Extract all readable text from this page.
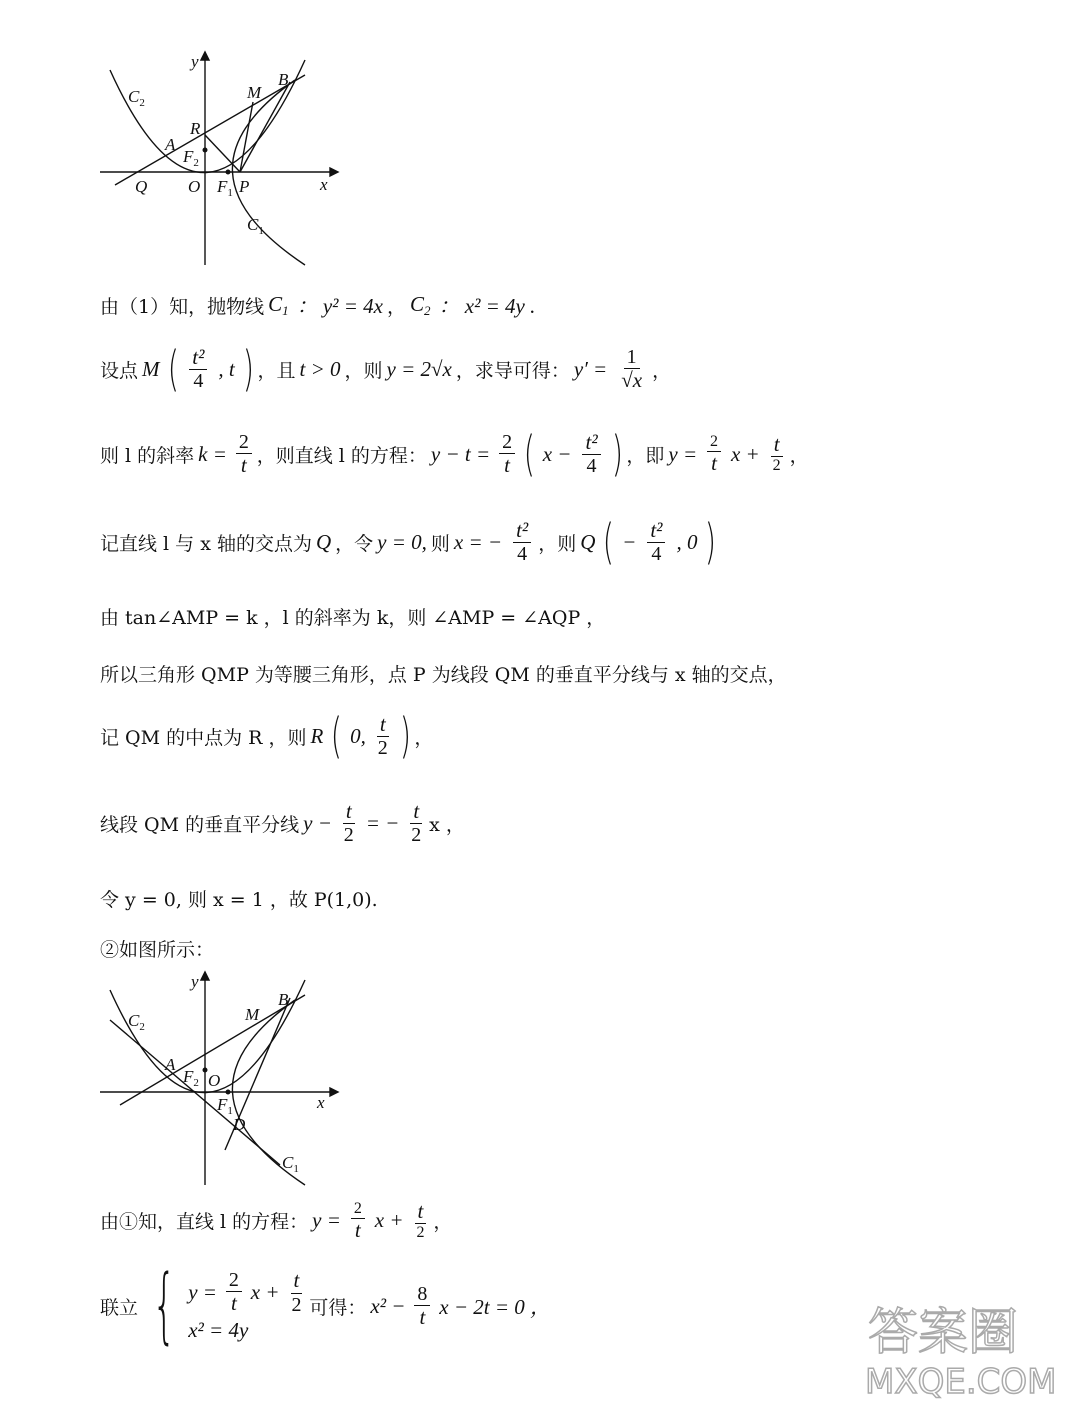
y
x
$C_2$
B
M
R
A
$F_2$
Q O $F_1$ P
$C_1$
由（1）知，抛物线 $C_1$ ： y² = 4x ， $C_2$ ： x² = 4y .
设点 M ( $\frac{\text{t²}}{4}$ , t ) ，且 t > 0 ，则 y = 2√x ，求导可得： $y' = \frac{1}{√x}$ ，
则 l 的斜率 $k = \frac{2}{t}$ ，则直线 l 的方程： $y - t = \frac{2}{t}$ ( $x - \frac{\text{t²}}{4}$ ) ，即 $y = \frac{2}{t}$ $x + \frac{t}{2}$ ，
记直线 l 与 x 轴的交点为 Q ，令 y = 0, 则 x = − $\frac{\text{t²}}{4}$ ，则 Q ( − $\frac{\text{t²}}{4}$ , 0 )
由 tan∠AMP = k ，l 的斜率为 k，则 ∠AMP = ∠AQP ，
所以三角形 QMP 为等腰三角形，点 P 为线段 QM 的垂直平分线与 x 轴的交点，
记 QM 的中点为 R ，则 R ( 0, $\frac{t}{2}$ ) ，
线段 QM 的垂直平分线 $y - \frac{t}{2}$ = − $\frac{t}{2}$ x ，
令 y = 0, 则 x = 1 ，故 P(1,0).
②如图所示：
y
x
$C_2$
B
M
A
$F_2$ O
$F_1$
D
$C_1$
由①知，直线 l 的方程： $y = \frac{2}{t}$ $x + \frac{t}{2}$ ，
联立 { $y = \frac{2}{t}$ $x + \frac{t}{2}$
x² = 4y
可得： $x^2 - \frac{8}{t}$ x − 2t = 0 ，	答案圈
MXQE.COM
